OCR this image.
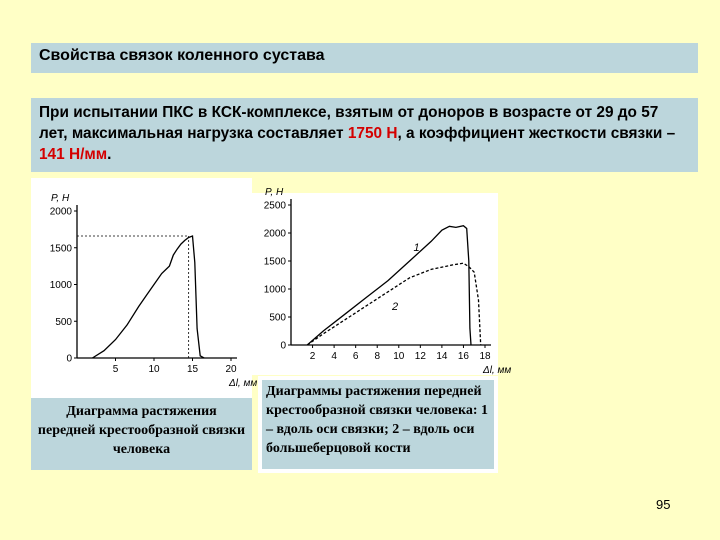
Свойства связок коленного сустава
При испытании ПКС в КСК-комплексе, взятым от доноров в возрасте от 29 до 57 лет, максимальная нагрузка составляет 1750 Н, а коэффициент жесткости связки – 141 Н/мм.
0
500
1000
1500
2000
5	10	15	20
P, Н
Δl, мм
0
500
1000
1500
2000
2500
2 4 6 8 10 12 14 16 18
P, Н
Δl, мм
1
2
Диаграмма растяжения передней крестообразной связки человека
Диаграммы растяжения передней крестообразной связки человека: 1 – вдоль оси связки; 2 – вдоль оси большеберцовой кости
95
